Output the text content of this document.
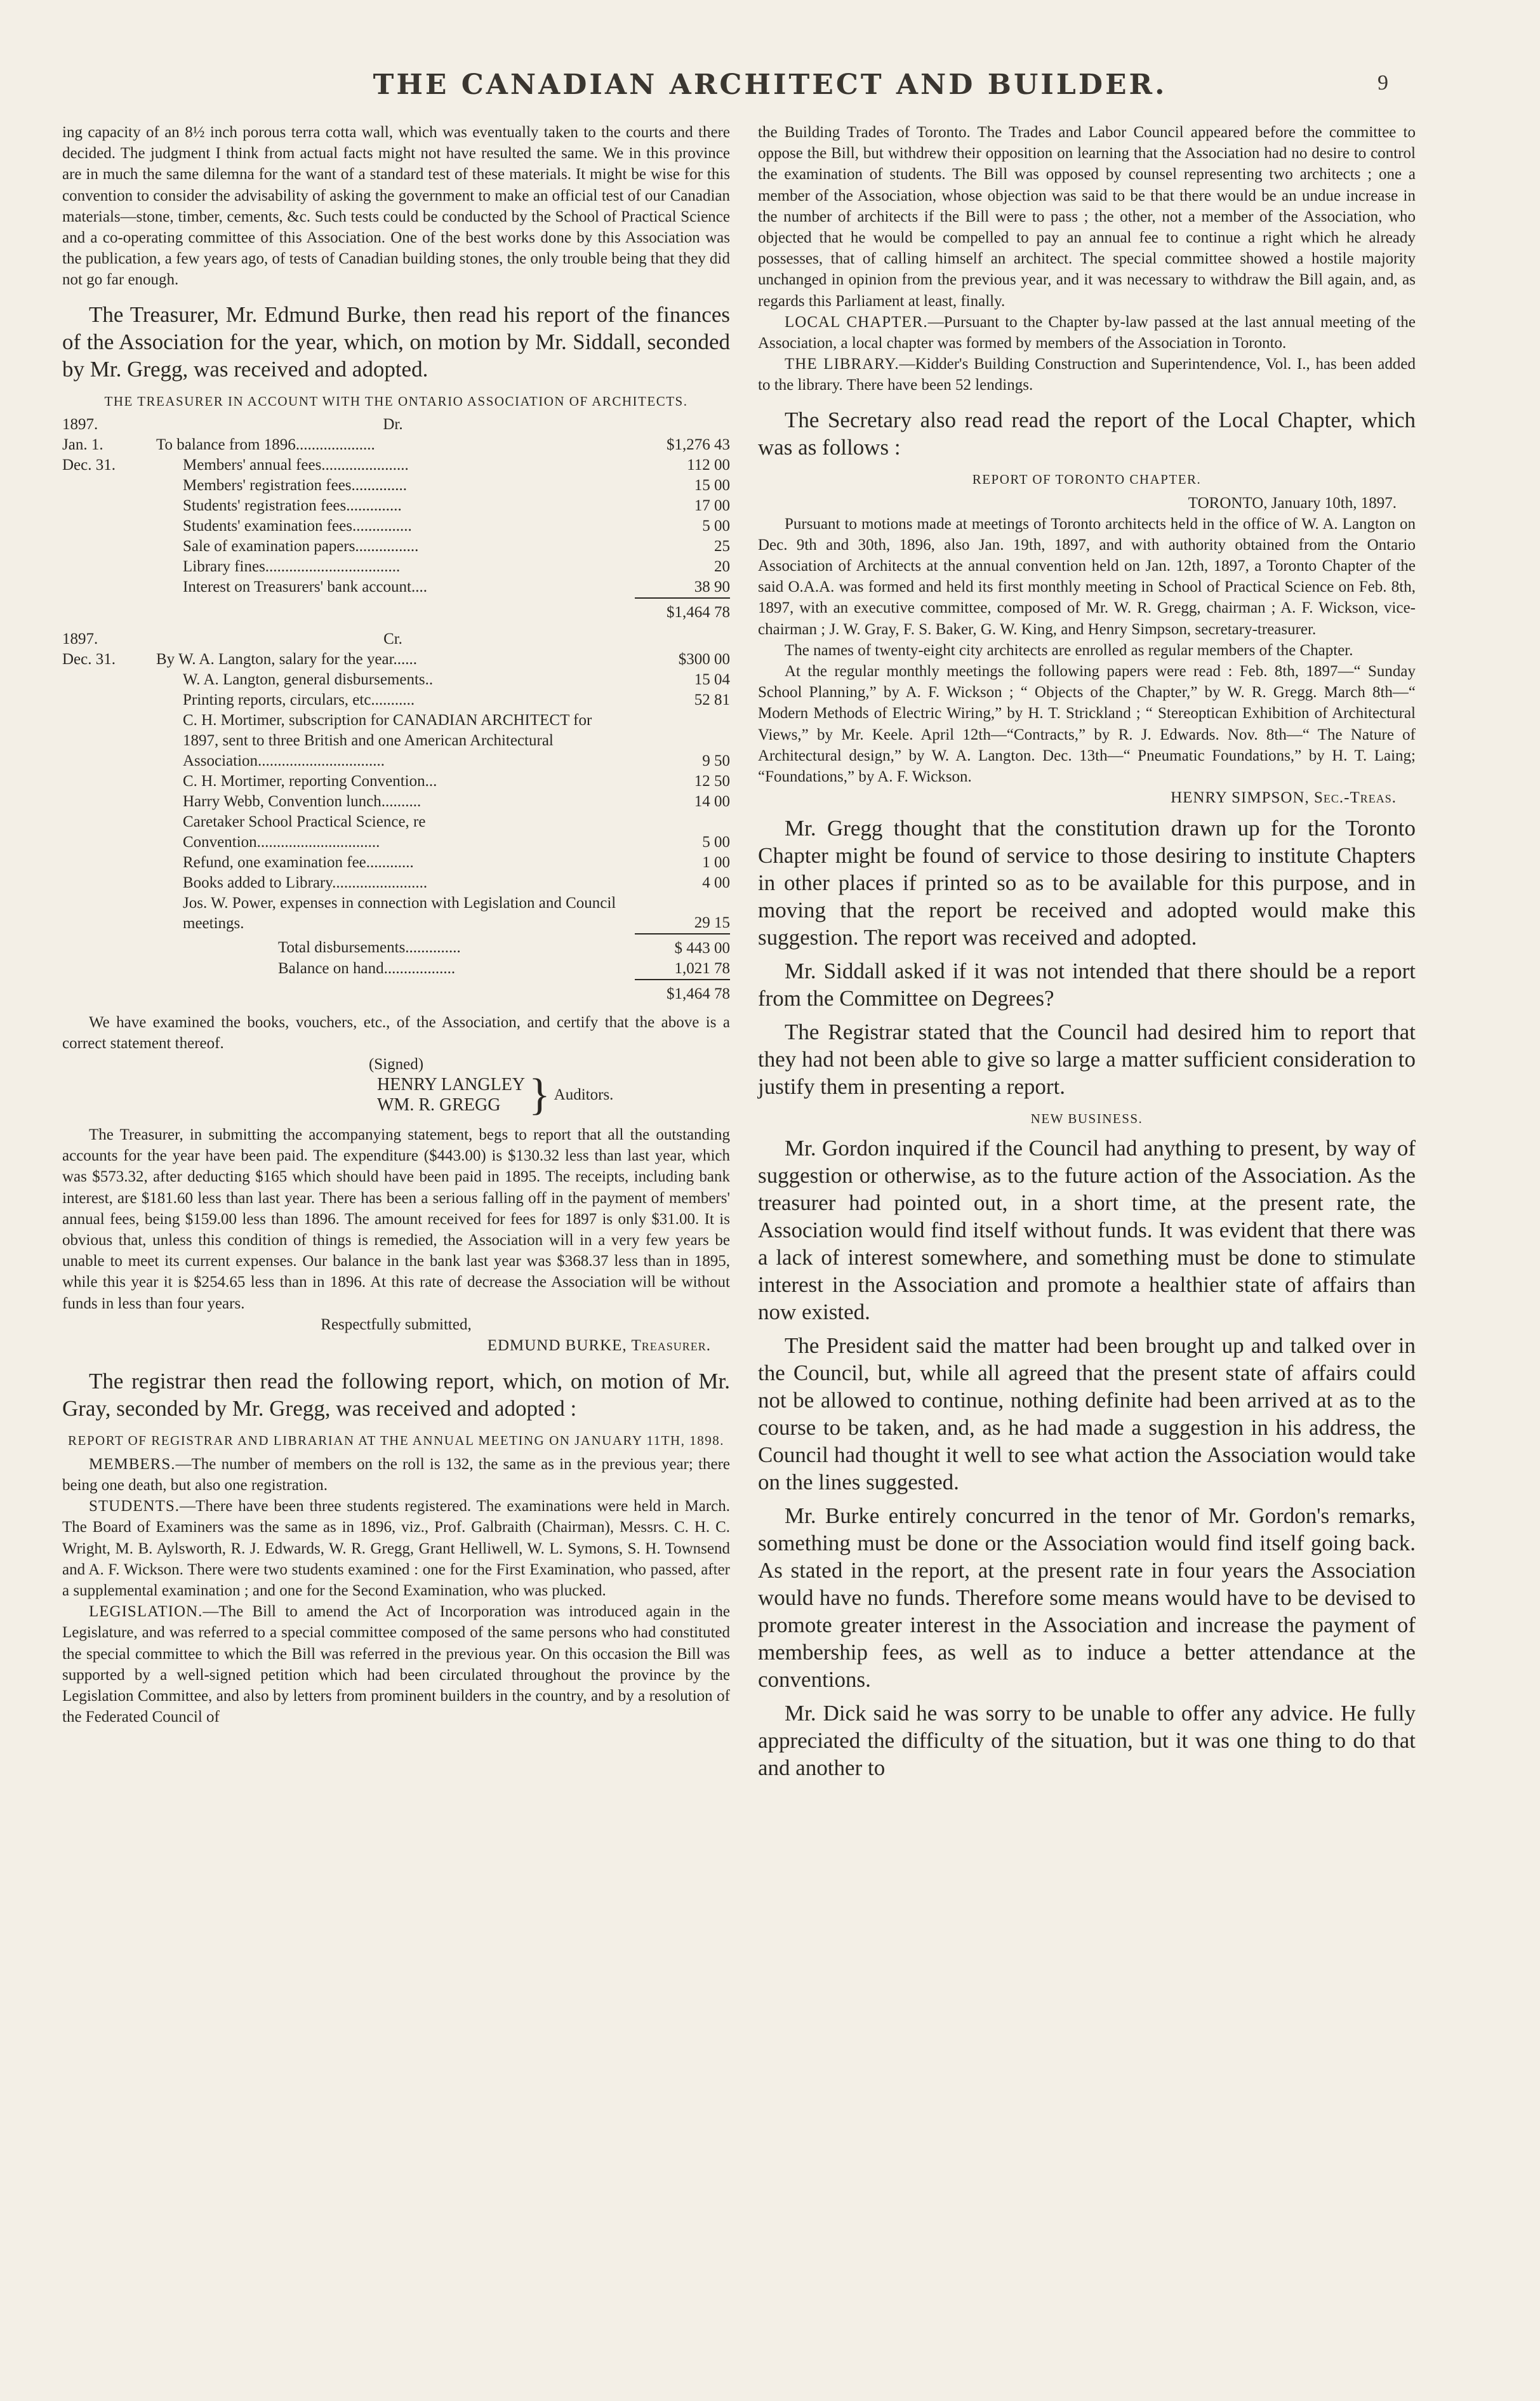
THE CANADIAN ARCHITECT AND BUILDER.	9

ing capacity of an 8½ inch porous terra cotta wall, which was eventually taken to the courts and there decided. The judgment I think from actual facts might not have resulted the same. We in this province are in much the same dilemna for the want of a standard test of these materials. It might be wise for this convention to consider the advisability of asking the government to make an official test of our Canadian materials—stone, timber, cements, &c. Such tests could be conducted by the School of Practical Science and a co-operating committee of this Association. One of the best works done by this Association was the publication, a few years ago, of tests of Canadian building stones, the only trouble being that they did not go far enough.

The Treasurer, Mr. Edmund Burke, then read his report of the finances of the Association for the year, which, on motion by Mr. Siddall, seconded by Mr. Gregg, was received and adopted.

THE TREASURER IN ACCOUNT WITH THE ONTARIO ASSOCIATION OF ARCHITECTS.
1897.	Dr.	
Jan. 1.	To balance from 1896....................	$1,276 43
Dec. 31.	Members' annual fees......................	112 00
	Members' registration fees..............	15 00
	Students' registration fees..............	17 00
	Students' examination fees...............	5 00
	Sale of examination papers................	25
	Library fines..................................	20
	Interest on Treasurers' bank account....	38 90
		$1,464 78
1897.	Cr.	
Dec. 31.	By W. A. Langton, salary for the year......	$300 00
	W. A. Langton, general disbursements..	15 04
	Printing reports, circulars, etc...........	52 81
	C. H. Mortimer, subscription for CANADIAN ARCHITECT for 1897, sent to three British and one American Architectural Association................................	9 50
	C. H. Mortimer, reporting Convention...	12 50
	Harry Webb, Convention lunch..........	14 00
	Caretaker School Practical Science, re Convention...............................	5 00
	Refund, one examination fee............	1 00
	Books added to Library........................	4 00
	Jos. W. Power, expenses in connection with Legislation and Council meetings.	29 15
	Total disbursements..............	$ 443 00
	Balance on hand..................	1,021 78
		$1,464 78

We have examined the books, vouchers, etc., of the Association, and certify that the above is a correct statement thereof.

(Signed)
HENRY LANGLEY
WM. R. GREGG } Auditors.

The Treasurer, in submitting the accompanying statement, begs to report that all the outstanding accounts for the year have been paid. The expenditure ($443.00) is $130.32 less than last year, which was $573.32, after deducting $165 which should have been paid in 1895. The receipts, including bank interest, are $181.60 less than last year. There has been a serious falling off in the payment of members' annual fees, being $159.00 less than 1896. The amount received for fees for 1897 is only $31.00. It is obvious that, unless this condition of things is remedied, the Association will in a very few years be unable to meet its current expenses. Our balance in the bank last year was $368.37 less than in 1895, while this year it is $254.65 less than in 1896. At this rate of decrease the Association will be without funds in less than four years.

Respectfully submitted,
EDMUND BURKE, Treasurer.

The registrar then read the following report, which, on motion of Mr. Gray, seconded by Mr. Gregg, was received and adopted :

REPORT OF REGISTRAR AND LIBRARIAN AT THE ANNUAL MEETING ON JANUARY 11TH, 1898.

MEMBERS.—The number of members on the roll is 132, the same as in the previous year; there being one death, but also one registration.

STUDENTS.—There have been three students registered. The examinations were held in March. The Board of Examiners was the same as in 1896, viz., Prof. Galbraith (Chairman), Messrs. C. H. C. Wright, M. B. Aylsworth, R. J. Edwards, W. R. Gregg, Grant Helliwell, W. L. Symons, S. H. Townsend and A. F. Wickson. There were two students examined : one for the First Examination, who passed, after a supplemental examination ; and one for the Second Examination, who was plucked.

LEGISLATION.—The Bill to amend the Act of Incorporation was introduced again in the Legislature, and was referred to a special committee composed of the same persons who had constituted the special committee to which the Bill was referred in the previous year. On this occasion the Bill was supported by a well-signed petition which had been circulated throughout the province by the Legislation Committee, and also by letters from prominent builders in the country, and by a resolution of the Federated Council of

the Building Trades of Toronto. The Trades and Labor Council appeared before the committee to oppose the Bill, but withdrew their opposition on learning that the Association had no desire to control the examination of students. The Bill was opposed by counsel representing two architects ; one a member of the Association, whose objection was said to be that there would be an undue increase in the number of architects if the Bill were to pass ; the other, not a member of the Association, who objected that he would be compelled to pay an annual fee to continue a right which he already possesses, that of calling himself an architect. The special committee showed a hostile majority unchanged in opinion from the previous year, and it was necessary to withdraw the Bill again, and, as regards this Parliament at least, finally.

LOCAL CHAPTER.—Pursuant to the Chapter by-law passed at the last annual meeting of the Association, a local chapter was formed by members of the Association in Toronto.

THE LIBRARY.—Kidder's Building Construction and Superintendence, Vol. I., has been added to the library. There have been 52 lendings.

The Secretary also read read the report of the Local Chapter, which was as follows :

REPORT OF TORONTO CHAPTER.
TORONTO, January 10th, 1897.

Pursuant to motions made at meetings of Toronto architects held in the office of W. A. Langton on Dec. 9th and 30th, 1896, also Jan. 19th, 1897, and with authority obtained from the Ontario Association of Architects at the annual convention held on Jan. 12th, 1897, a Toronto Chapter of the said O.A.A. was formed and held its first monthly meeting in School of Practical Science on Feb. 8th, 1897, with an executive committee, composed of Mr. W. R. Gregg, chairman ; A. F. Wickson, vice-chairman ; J. W. Gray, F. S. Baker, G. W. King, and Henry Simpson, secretary-treasurer.

The names of twenty-eight city architects are enrolled as regular members of the Chapter.

At the regular monthly meetings the following papers were read : Feb. 8th, 1897—“ Sunday School Planning,” by A. F. Wickson ; “ Objects of the Chapter,” by W. R. Gregg. March 8th—“ Modern Methods of Electric Wiring,” by H. T. Strickland ; “ Stereoptican Exhibition of Architectural Views,” by Mr. Keele. April 12th—“Contracts,” by R. J. Edwards. Nov. 8th—“ The Nature of Architectural design,” by W. A. Langton. Dec. 13th—“ Pneumatic Foundations,” by H. T. Laing; “Foundations,” by A. F. Wickson.

HENRY SIMPSON, Sec.-Treas.

Mr. Gregg thought that the constitution drawn up for the Toronto Chapter might be found of service to those desiring to institute Chapters in other places if printed so as to be available for this purpose, and in moving that the report be received and adopted would make this suggestion. The report was received and adopted.

Mr. Siddall asked if it was not intended that there should be a report from the Committee on Degrees?

The Registrar stated that the Council had desired him to report that they had not been able to give so large a matter sufficient consideration to justify them in presenting a report.

NEW BUSINESS.

Mr. Gordon inquired if the Council had anything to present, by way of suggestion or otherwise, as to the future action of the Association. As the treasurer had pointed out, in a short time, at the present rate, the Association would find itself without funds. It was evident that there was a lack of interest somewhere, and something must be done to stimulate interest in the Association and promote a healthier state of affairs than now existed.

The President said the matter had been brought up and talked over in the Council, but, while all agreed that the present state of affairs could not be allowed to continue, nothing definite had been arrived at as to the course to be taken, and, as he had made a suggestion in his address, the Council had thought it well to see what action the Association would take on the lines suggested.

Mr. Burke entirely concurred in the tenor of Mr. Gordon's remarks, something must be done or the Association would find itself going back. As stated in the report, at the present rate in four years the Association would have no funds. Therefore some means would have to be devised to promote greater interest in the Association and increase the payment of membership fees, as well as to induce a better attendance at the conventions.

Mr. Dick said he was sorry to be unable to offer any advice. He fully appreciated the difficulty of the situation, but it was one thing to do that and another to
